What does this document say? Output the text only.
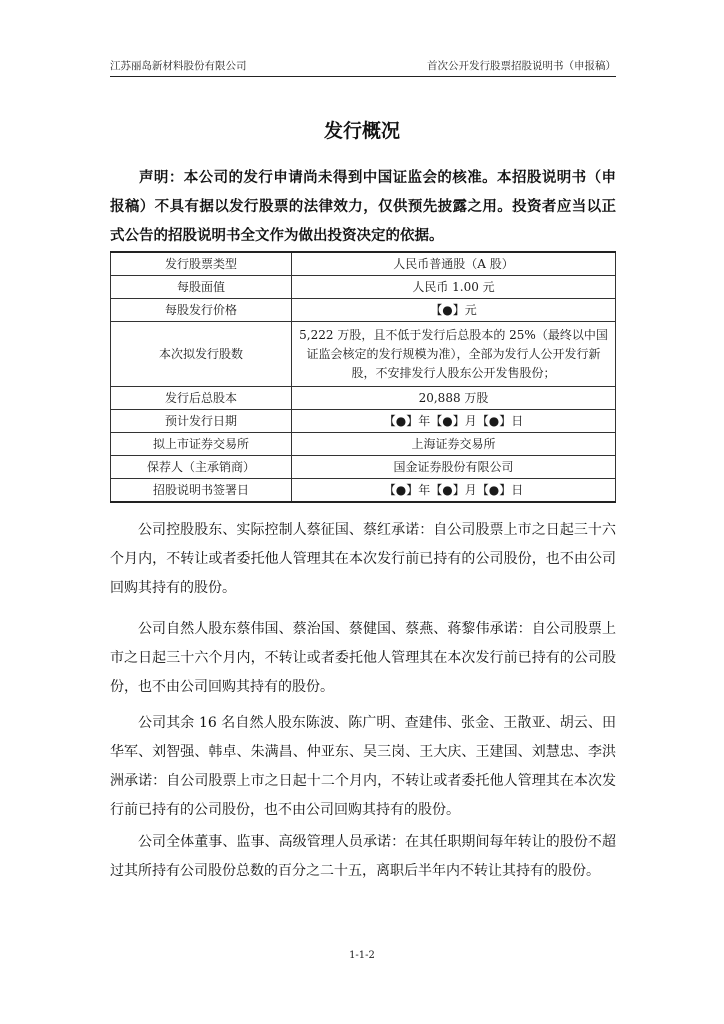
江苏丽岛新材料股份有限公司	首次公开发行股票招股说明书（申报稿）
发行概况
声明：本公司的发行申请尚未得到中国证监会的核准。本招股说明书（申报稿）不具有据以发行股票的法律效力，仅供预先披露之用。投资者应当以正式公告的招股说明书全文作为做出投资决定的依据。
发行股票类型	人民币普通股（A 股）
每股面值	人民币 1.00 元
每股发行价格	【●】元
本次拟发行股数	5,222 万股，且不低于发行后总股本的 25%（最终以中国证监会核定的发行规模为准），全部为发行人公开发行新股，不安排发行人股东公开发售股份；
发行后总股本	20,888 万股
预计发行日期	【●】年【●】月【●】日
拟上市证券交易所	上海证券交易所
保荐人（主承销商）	国金证券股份有限公司
招股说明书签署日	【●】年【●】月【●】日
公司控股股东、实际控制人蔡征国、蔡红承诺：自公司股票上市之日起三十六个月内，不转让或者委托他人管理其在本次发行前已持有的公司股份，也不由公司回购其持有的股份。
公司自然人股东蔡伟国、蔡治国、蔡健国、蔡燕、蒋黎伟承诺：自公司股票上市之日起三十六个月内，不转让或者委托他人管理其在本次发行前已持有的公司股份，也不由公司回购其持有的股份。
公司其余 16 名自然人股东陈波、陈广明、查建伟、张金、王散亚、胡云、田华军、刘智强、韩卓、朱满昌、仲亚东、吴三岗、王大庆、王建国、刘慧忠、李洪洲承诺：自公司股票上市之日起十二个月内，不转让或者委托他人管理其在本次发行前已持有的公司股份，也不由公司回购其持有的股份。
公司全体董事、监事、高级管理人员承诺：在其任职期间每年转让的股份不超过其所持有公司股份总数的百分之二十五，离职后半年内不转让其持有的股份。
1-1-2
